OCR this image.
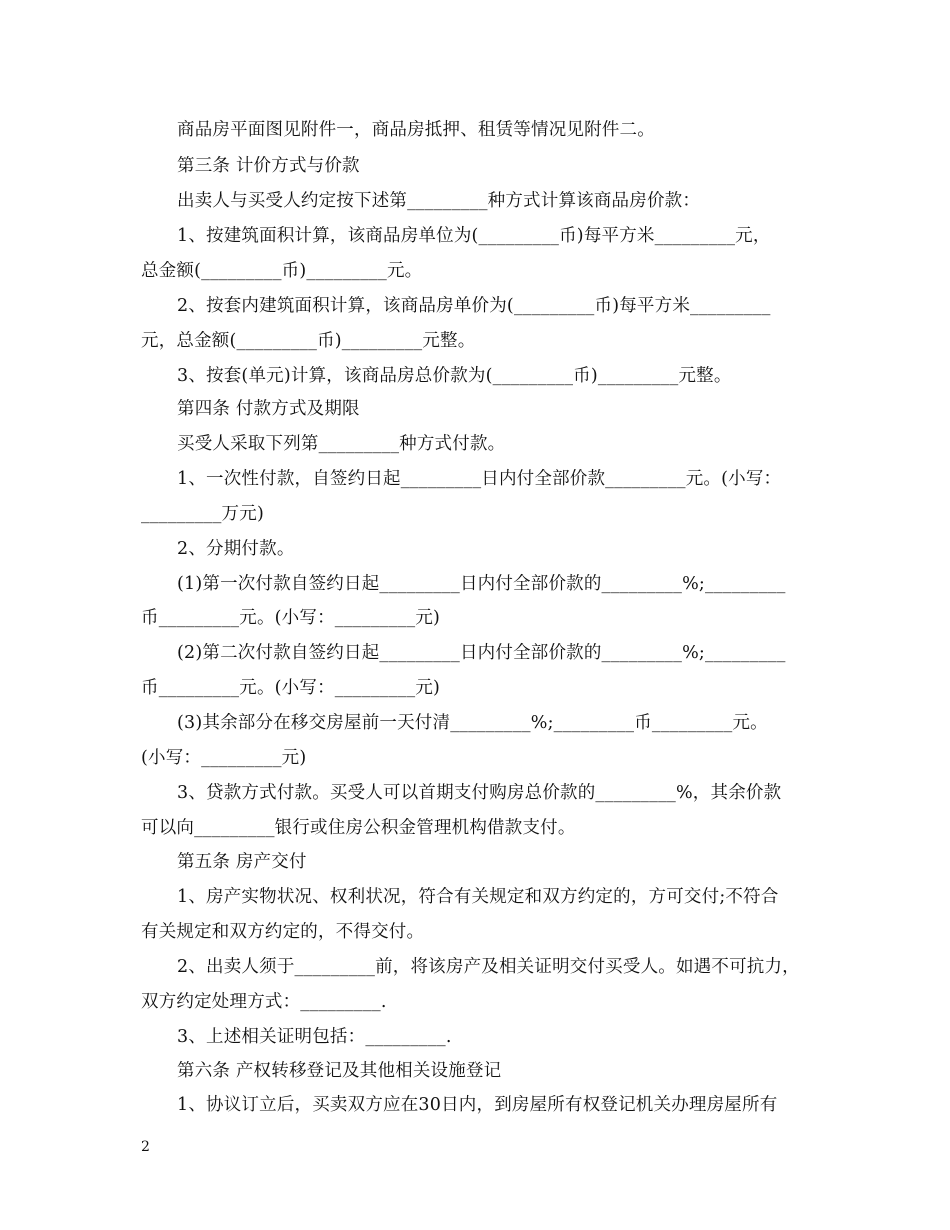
商品房平面图见附件一，商品房抵押、租赁等情况见附件二。
第三条 计价方式与价款
出卖人与买受人约定按下述第_________种方式计算该商品房价款：
1、按建筑面积计算，该商品房单位为(_________币)每平方米_________元，
总金额(_________币)_________元。
2、按套内建筑面积计算，该商品房单价为(_________币)每平方米_________
元，总金额(_________币)_________元整。
3、按套(单元)计算，该商品房总价款为(_________币)_________元整。
第四条 付款方式及期限
买受人采取下列第_________种方式付款。
1、一次性付款，自签约日起_________日内付全部价款_________元。(小写：
_________万元)
2、分期付款。
(1)第一次付款自签约日起_________日内付全部价款的_________%;_________
币_________元。(小写：_________元)
(2)第二次付款自签约日起_________日内付全部价款的_________%;_________
币_________元。(小写：_________元)
(3)其余部分在移交房屋前一天付清_________%;_________币_________元。
(小写：_________元)
3、贷款方式付款。买受人可以首期支付购房总价款的_________%，其余价款
可以向_________银行或住房公积金管理机构借款支付。
第五条 房产交付
1、房产实物状况、权利状况，符合有关规定和双方约定的，方可交付;不符合
有关规定和双方约定的，不得交付。
2、出卖人须于_________前，将该房产及相关证明交付买受人。如遇不可抗力，
双方约定处理方式：_________.
3、上述相关证明包括：_________.
第六条 产权转移登记及其他相关设施登记
1、协议订立后，买卖双方应在30日内，到房屋所有权登记机关办理房屋所有
2
